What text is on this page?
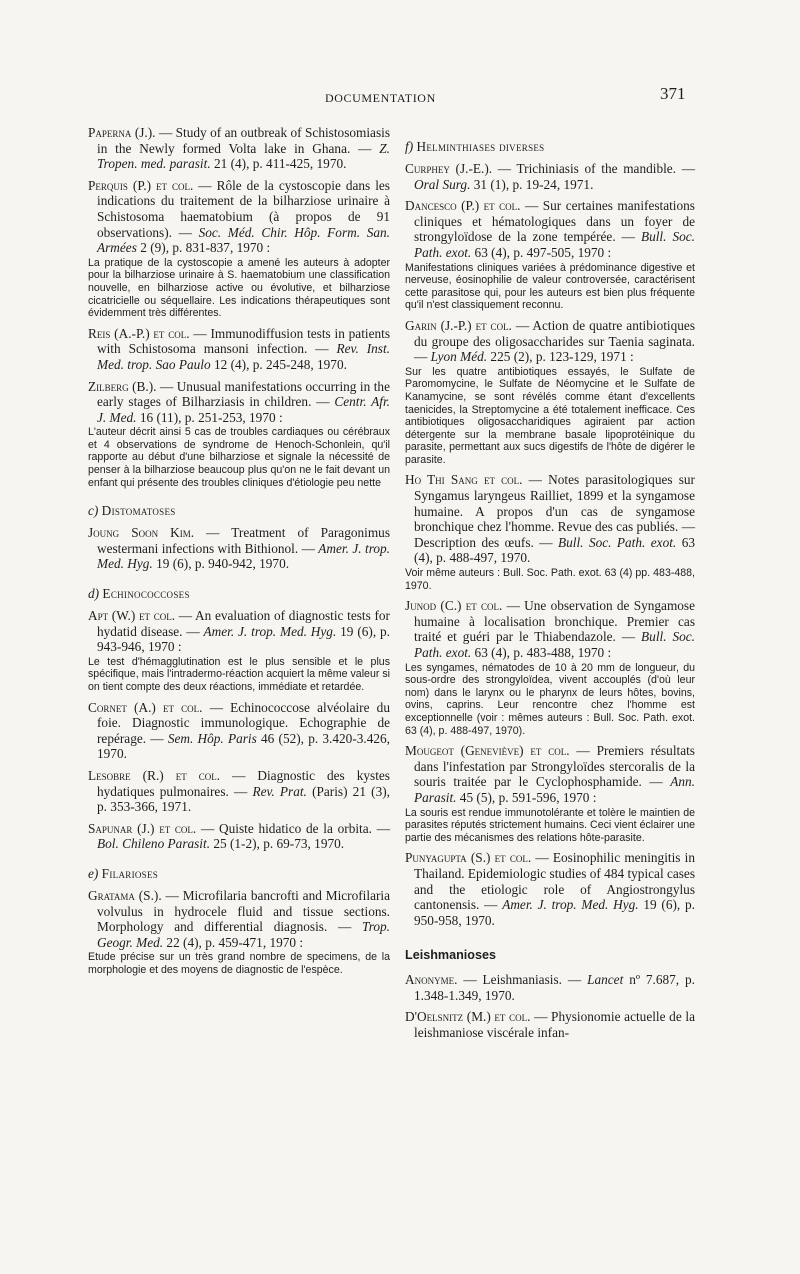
DOCUMENTATION	371
Paperna (J.). — Study of an outbreak of Schistosomiasis in the Newly formed Volta lake in Ghana. — Z. Tropen. med. parasit. 21 (4), p. 411-425, 1970.
Perquis (P.) et col. — Rôle de la cystoscopie dans les indications du traitement de la bilharziose urinaire à Schistosoma haematobium (à propos de 91 observations). — Soc. Méd. Chir. Hôp. Form. San. Armées 2 (9), p. 831-837, 1970 :
La pratique de la cystoscopie a amené les auteurs à adopter pour la bilharziose urinaire à S. haematobium une classification nouvelle, en bilharziose active ou évolutive, et bilharziose cicatricielle ou séquellaire. Les indications thérapeutiques sont évidemment très différentes.
Reis (A.-P.) et col. — Immunodiffusion tests in patients with Schistosoma mansoni infection. — Rev. Inst. Med. trop. Sao Paulo 12 (4), p. 245-248, 1970.
Zilberg (B.). — Unusual manifestations occurring in the early stages of Bilharziasis in children. — Centr. Afr. J. Med. 16 (11), p. 251-253, 1970 :
L'auteur décrit ainsi 5 cas de troubles cardiaques ou cérébraux et 4 observations de syndrome de Henoch-Schonlein, qu'il rapporte au début d'une bilharziose et signale la nécessité de penser à la bilharziose beaucoup plus qu'on ne le fait devant un enfant qui présente des troubles cliniques d'étiologie peu nette
c) Distomatoses
Joung Soon Kim. — Treatment of Paragonimus westermani infections with Bithionol. — Amer. J. trop. Med. Hyg. 19 (6), p. 940-942, 1970.
d) Echinococcoses
Apt (W.) et col. — An evaluation of diagnostic tests for hydatid disease. — Amer. J. trop. Med. Hyg. 19 (6), p. 943-946, 1970 :
Le test d'hémagglutination est le plus sensible et le plus spécifique, mais l'intradermo-réaction acquiert la même valeur si on tient compte des deux réactions, immédiate et retardée.
Cornet (A.) et col. — Echinococcose alvéolaire du foie. Diagnostic immunologique. Echographie de repérage. — Sem. Hôp. Paris 46 (52), p. 3.420-3.426, 1970.
Lesobre (R.) et col. — Diagnostic des kystes hydatiques pulmonaires. — Rev. Prat. (Paris) 21 (3), p. 353-366, 1971.
Sapunar (J.) et col. — Quiste hidatico de la orbita. — Bol. Chileno Parasit. 25 (1-2), p. 69-73, 1970.
e) Filarioses
Gratama (S.). — Microfilaria bancrofti and Microfilaria volvulus in hydrocele fluid and tissue sections. Morphology and differential diagnosis. — Trop. Geogr. Med. 22 (4), p. 459-471, 1970 :
Etude précise sur un très grand nombre de specimens, de la morphologie et des moyens de diagnostic de l'espèce.
f) Helminthiases diverses
Curphey (J.-E.). — Trichiniasis of the mandible. — Oral Surg. 31 (1), p. 19-24, 1971.
Dancesco (P.) et col. — Sur certaines manifestations cliniques et hématologiques dans un foyer de strongyloïdose de la zone tempérée. — Bull. Soc. Path. exot. 63 (4), p. 497-505, 1970 :
Manifestations cliniques variées à prédominance digestive et nerveuse, éosinophilie de valeur controversée, caractérisent cette parasitose qui, pour les auteurs est bien plus fréquente qu'il n'est classiquement reconnu.
Garin (J.-P.) et col. — Action de quatre antibiotiques du groupe des oligosaccharides sur Taenia saginata. — Lyon Méd. 225 (2), p. 123-129, 1971 :
Sur les quatre antibiotiques essayés, le Sulfate de Paromomycine, le Sulfate de Néomycine et le Sulfate de Kanamycine, se sont révélés comme étant d'excellents taenicides, la Streptomycine a été totalement inefficace. Ces antibiotiques oligosaccharidiques agiraient par action détergente sur la membrane basale lipoprotéinique du parasite, permettant aux sucs digestifs de l'hôte de digérer le parasite.
Ho Thi Sang et col. — Notes parasitologiques sur Syngamus laryngeus Railliet, 1899 et la syngamose humaine. A propos d'un cas de syngamose bronchique chez l'homme. Revue des cas publiés. — Description des œufs. — Bull. Soc. Path. exot. 63 (4), p. 488-497, 1970.
Voir même auteurs : Bull. Soc. Path. exot. 63 (4) pp. 483-488, 1970.
Junod (C.) et col. — Une observation de Syngamose humaine à localisation bronchique. Premier cas traité et guéri par le Thiabendazole. — Bull. Soc. Path. exot. 63 (4), p. 483-488, 1970 :
Les syngames, nématodes de 10 à 20 mm de longueur, du sous-ordre des strongyloïdea, vivent accouplés (d'où leur nom) dans le larynx ou le pharynx de leurs hôtes, bovins, ovins, caprins. Leur rencontre chez l'homme est exceptionnelle (voir : mêmes auteurs : Bull. Soc. Path. exot. 63 (4), p. 488-497, 1970).
Mougeot (Geneviève) et col. — Premiers résultats dans l'infestation par Strongyloïdes stercoralis de la souris traitée par le Cyclophosphamide. — Ann. Parasit. 45 (5), p. 591-596, 1970 :
La souris est rendue immunotolérante et tolère le maintien de parasites réputés strictement humains. Ceci vient éclairer une partie des mécanismes des relations hôte-parasite.
Punyagupta (S.) et col. — Eosinophilic meningitis in Thailand. Epidemiologic studies of 484 typical cases and the etiologic role of Angiostrongylus cantonensis. — Amer. J. trop. Med. Hyg. 19 (6), p. 950-958, 1970.
Leishmanioses
Anonyme. — Leishmaniasis. — Lancet nº 7.687, p. 1.348-1.349, 1970.
D'Oelsnitz (M.) et col. — Physionomie actuelle de la leishmaniose viscérale infan-
